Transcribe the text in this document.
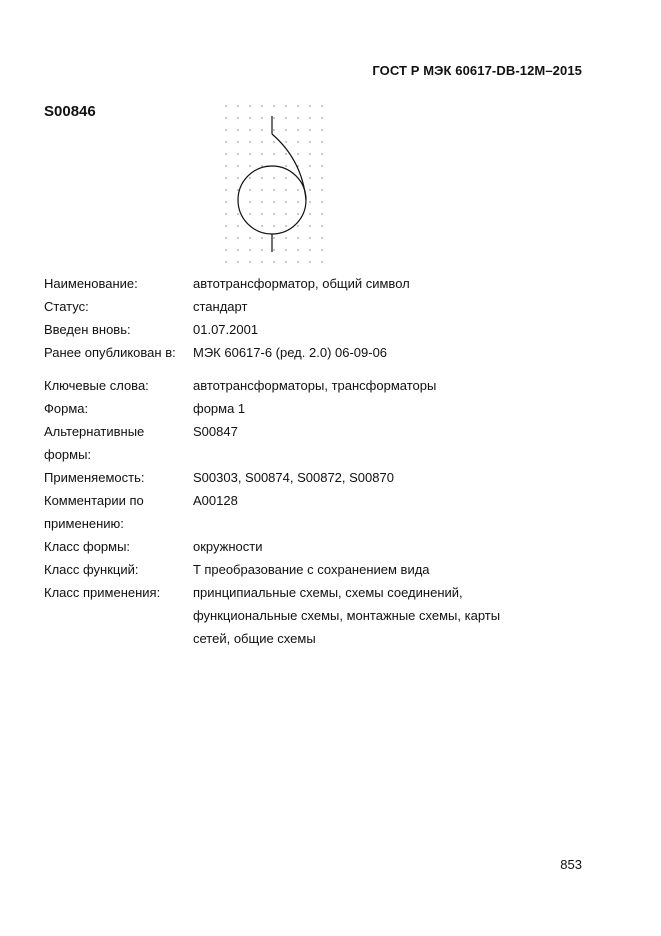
ГОСТ Р МЭК 60617-DB-12M–2015
S00846
Наименование:	автотрансформатор, общий символ
Статус:	стандарт
Введен вновь:	01.07.2001
Ранее опубликован в: МЭК 60617-6 (ред. 2.0) 06-09-06
Ключевые слова:	автотрансформаторы, трансформаторы
Форма:	форма 1
Альтернативные	S00847
формы:
Применяемость:	S00303, S00874, S00872, S00870
Комментарии по	A00128
применению:
Класс формы:	окружности
Класс функций:	T преобразование с сохранением вида
Класс применения:	принципиальные схемы, схемы соединений,
функциональные схемы, монтажные схемы, карты
сетей, общие схемы
853
